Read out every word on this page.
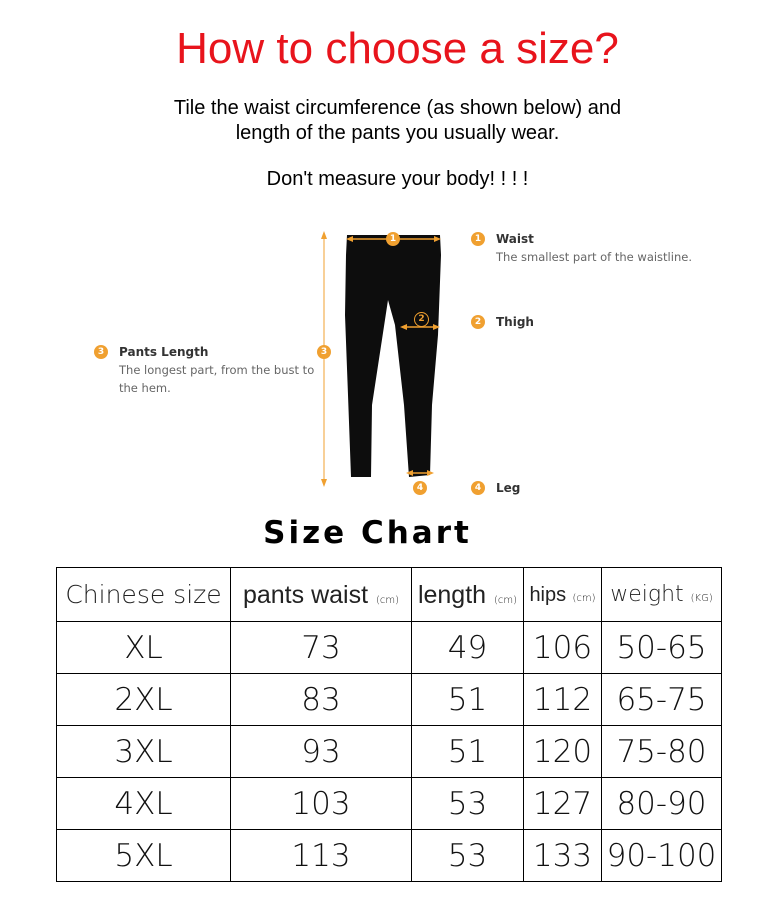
How to choose a size?
Tile the waist circumference (as shown below) and
length of the pants you usually wear.
Don't measure your body! ! ! !
1
2
3
4
1	Waist
The smallest part of the waistline.
2	Thigh
3	Pants Length
The longest part, from the bust to
the hem.
4	Leg
Size Chart
Chinese size	pants waist (cm)	length (cm)	hips (cm)	weight (KG)
XL	73	49	106	50-65
2XL	83	51	112	65-75
3XL	93	51	120	75-80
4XL	103	53	127	80-90
5XL	113	53	133	90-100
